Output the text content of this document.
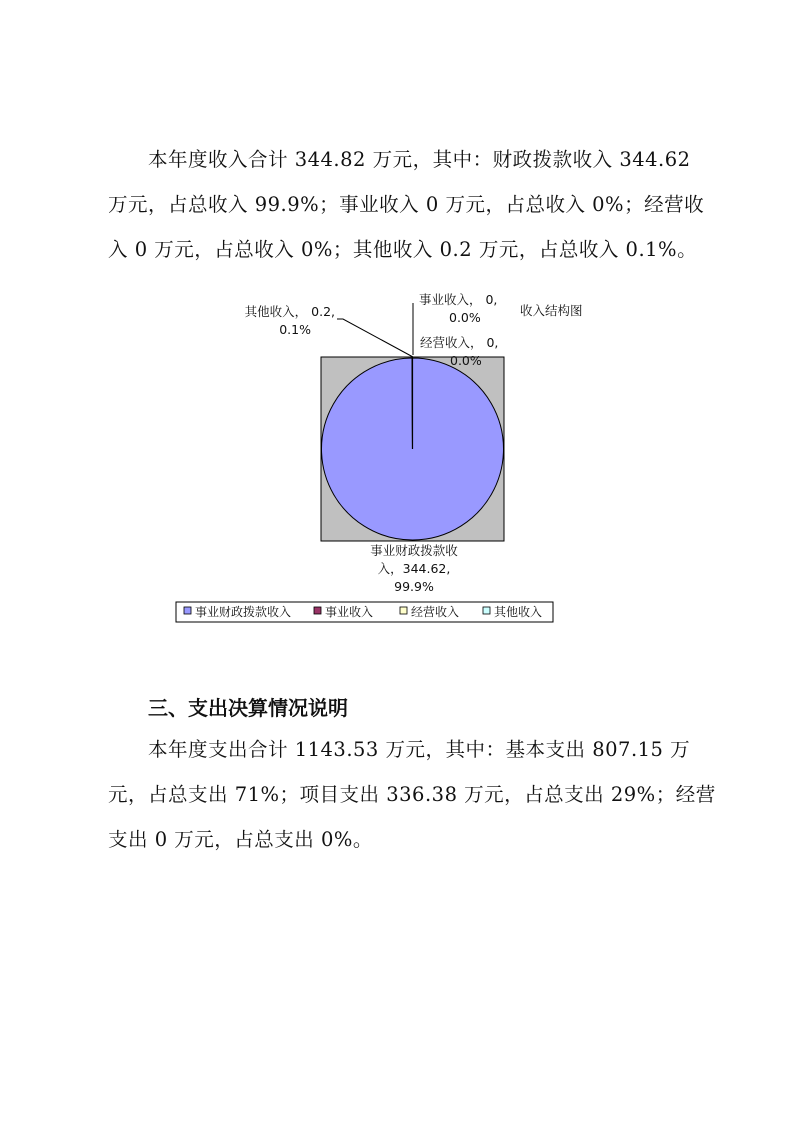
本年度收入合计 344.82 万元，其中：财政拨款收入 344.62
万元，占总收入 99.9%；事业收入 0 万元，占总收入 0%；经营收
入 0 万元，占总收入 0%；其他收入 0.2 万元，占总收入 0.1%。
事业财政拨款收入，344.62, 99.9%
事业收入， 0, 0.0%
经营收入， 0, 0.0%
其他收入， 0.2, 0.1%
收入结构图
事业财政拨款收入	事业收入	经营收入	其他收入
三、支出决算情况说明
本年度支出合计 1143.53 万元，其中：基本支出 807.15 万
元，占总支出 71%；项目支出 336.38 万元，占总支出 29%；经营
支出 0 万元，占总支出 0%。
